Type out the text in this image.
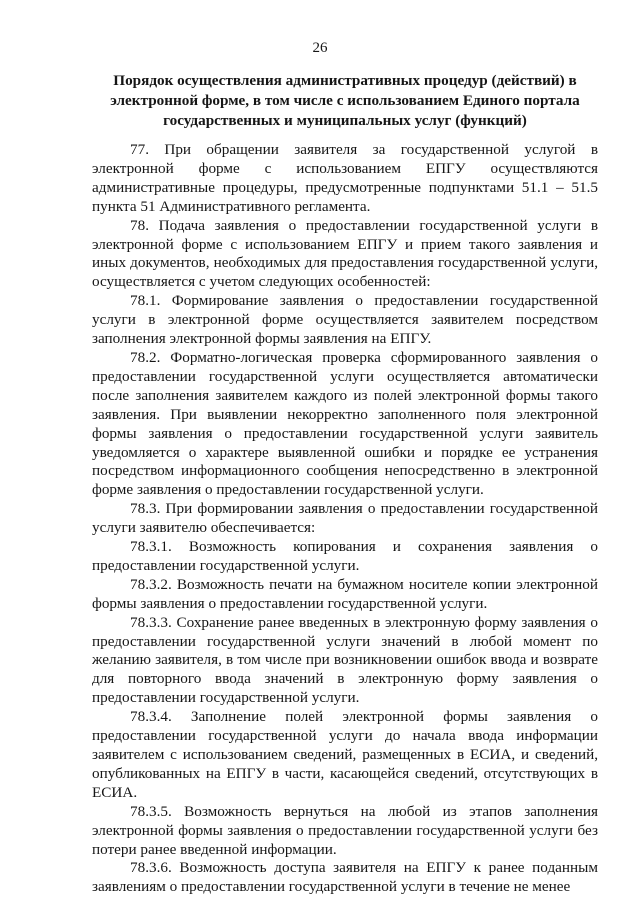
26
Порядок осуществления административных процедур (действий) в электронной форме, в том числе с использованием Единого портала государственных и муниципальных услуг (функций)

77. При обращении заявителя за государственной услугой в электронной форме с использованием ЕПГУ осуществляются административные процедуры, предусмотренные подпунктами 51.1 – 51.5 пункта 51 Административного регламента.

78. Подача заявления о предоставлении государственной услуги в электронной форме с использованием ЕПГУ и прием такого заявления и иных документов, необходимых для предоставления государственной услуги, осуществляется с учетом следующих особенностей:

78.1. Формирование заявления о предоставлении государственной услуги в электронной форме осуществляется заявителем посредством заполнения электронной формы заявления на ЕПГУ.

78.2. Форматно-логическая проверка сформированного заявления о предоставлении государственной услуги осуществляется автоматически после заполнения заявителем каждого из полей электронной формы такого заявления. При выявлении некорректно заполненного поля электронной формы заявления о предоставлении государственной услуги заявитель уведомляется о характере выявленной ошибки и порядке ее устранения посредством информационного сообщения непосредственно в электронной форме заявления о предоставлении государственной услуги.

78.3. При формировании заявления о предоставлении государственной услуги заявителю обеспечивается:

78.3.1. Возможность копирования и сохранения заявления о предоставлении государственной услуги.

78.3.2. Возможность печати на бумажном носителе копии электронной формы заявления о предоставлении государственной услуги.

78.3.3. Сохранение ранее введенных в электронную форму заявления о предоставлении государственной услуги значений в любой момент по желанию заявителя, в том числе при возникновении ошибок ввода и возврате для повторного ввода значений в электронную форму заявления о предоставлении государственной услуги.

78.3.4. Заполнение полей электронной формы заявления о предоставлении государственной услуги до начала ввода информации заявителем с использованием сведений, размещенных в ЕСИА, и сведений, опубликованных на ЕПГУ в части, касающейся сведений, отсутствующих в ЕСИА.

78.3.5. Возможность вернуться на любой из этапов заполнения электронной формы заявления о предоставлении государственной услуги без потери ранее введенной информации.

78.3.6. Возможность доступа заявителя на ЕПГУ к ранее поданным заявлениям о предоставлении государственной услуги в течение не менее
